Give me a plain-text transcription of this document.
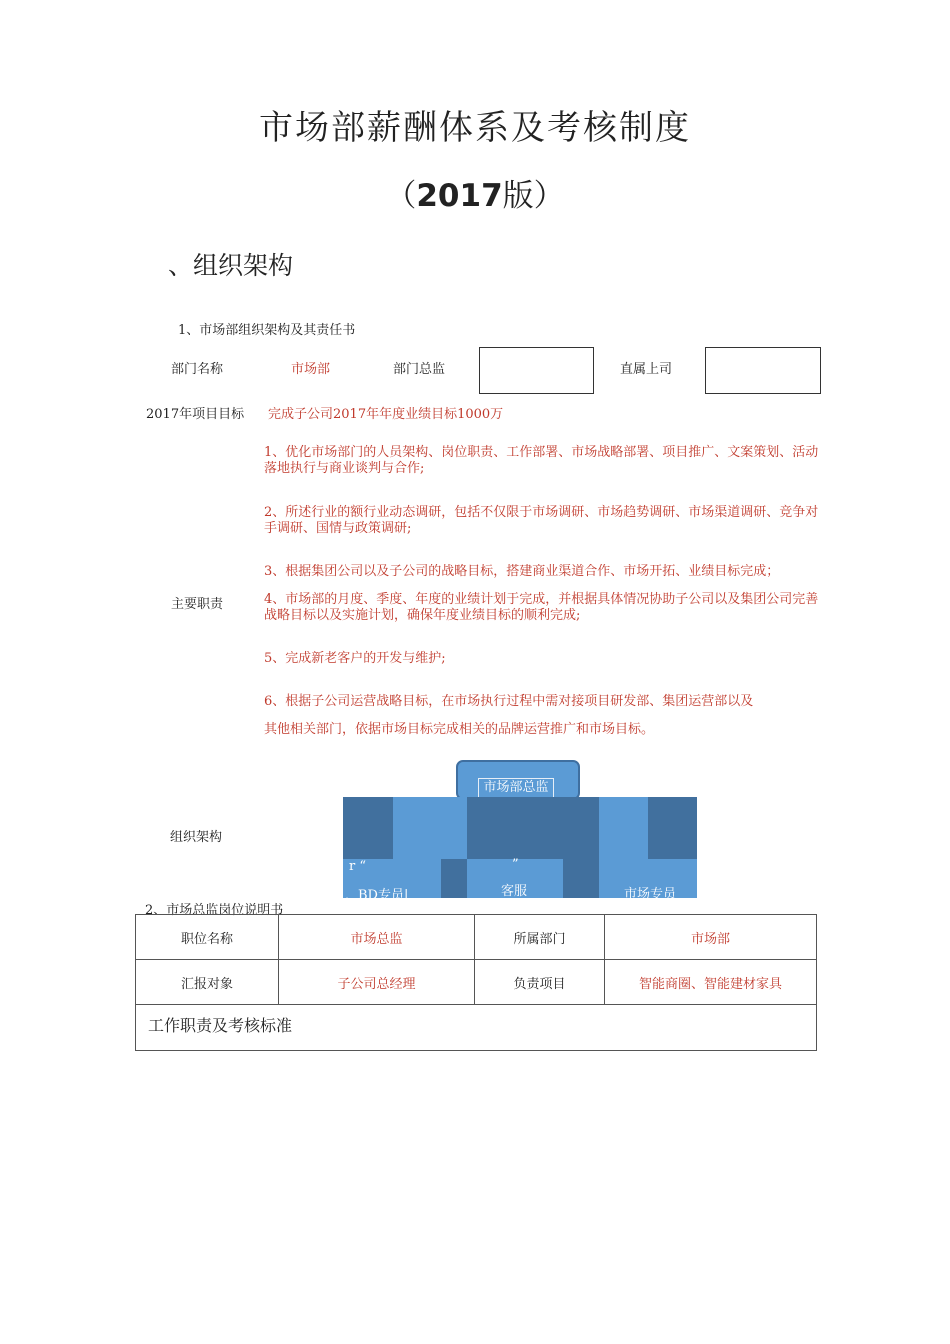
市场部薪酬体系及考核制度
（2017版）
、组织架构
1、市场部组织架构及其责任书
部门名称	市场部	部门总监	直属上司
2017年项目目标 完成子公司2017年年度业绩目标1000万
1、优化市场部门的人员架构、岗位职责、工作部署、市场战略部署、项目推广、文案策划、活动落地执行与商业谈判与合作;
2、所述行业的额行业动态调研，包括不仅限于市场调研、市场趋势调研、市场渠道调研、竞争对手调研、国情与政策调研;
3、根据集团公司以及子公司的战略目标，搭建商业渠道合作、市场开拓、业绩目标完成；
4、市场部的月度、季度、年度的业绩计划于完成，并根据具体情况协助子公司以及集团公司完善战略目标以及实施计划，确保年度业绩目标的顺利完成;
主要职责
5、完成新老客户的开发与维护;
6、根据子公司运营战略目标，在市场执行过程中需对接项目研发部、集团运营部以及
其他相关部门，依据市场目标完成相关的品牌运营推广和市场目标。
组织架构
市场部总监
r “	”
，BD专员|	客服	市场专员
2、市场总监岗位说明书
职位名称	市场总监	所属部门	市场部
汇报对象	子公司总经理	负责项目	智能商圈、智能建材家具
工作职责及考核标准			
